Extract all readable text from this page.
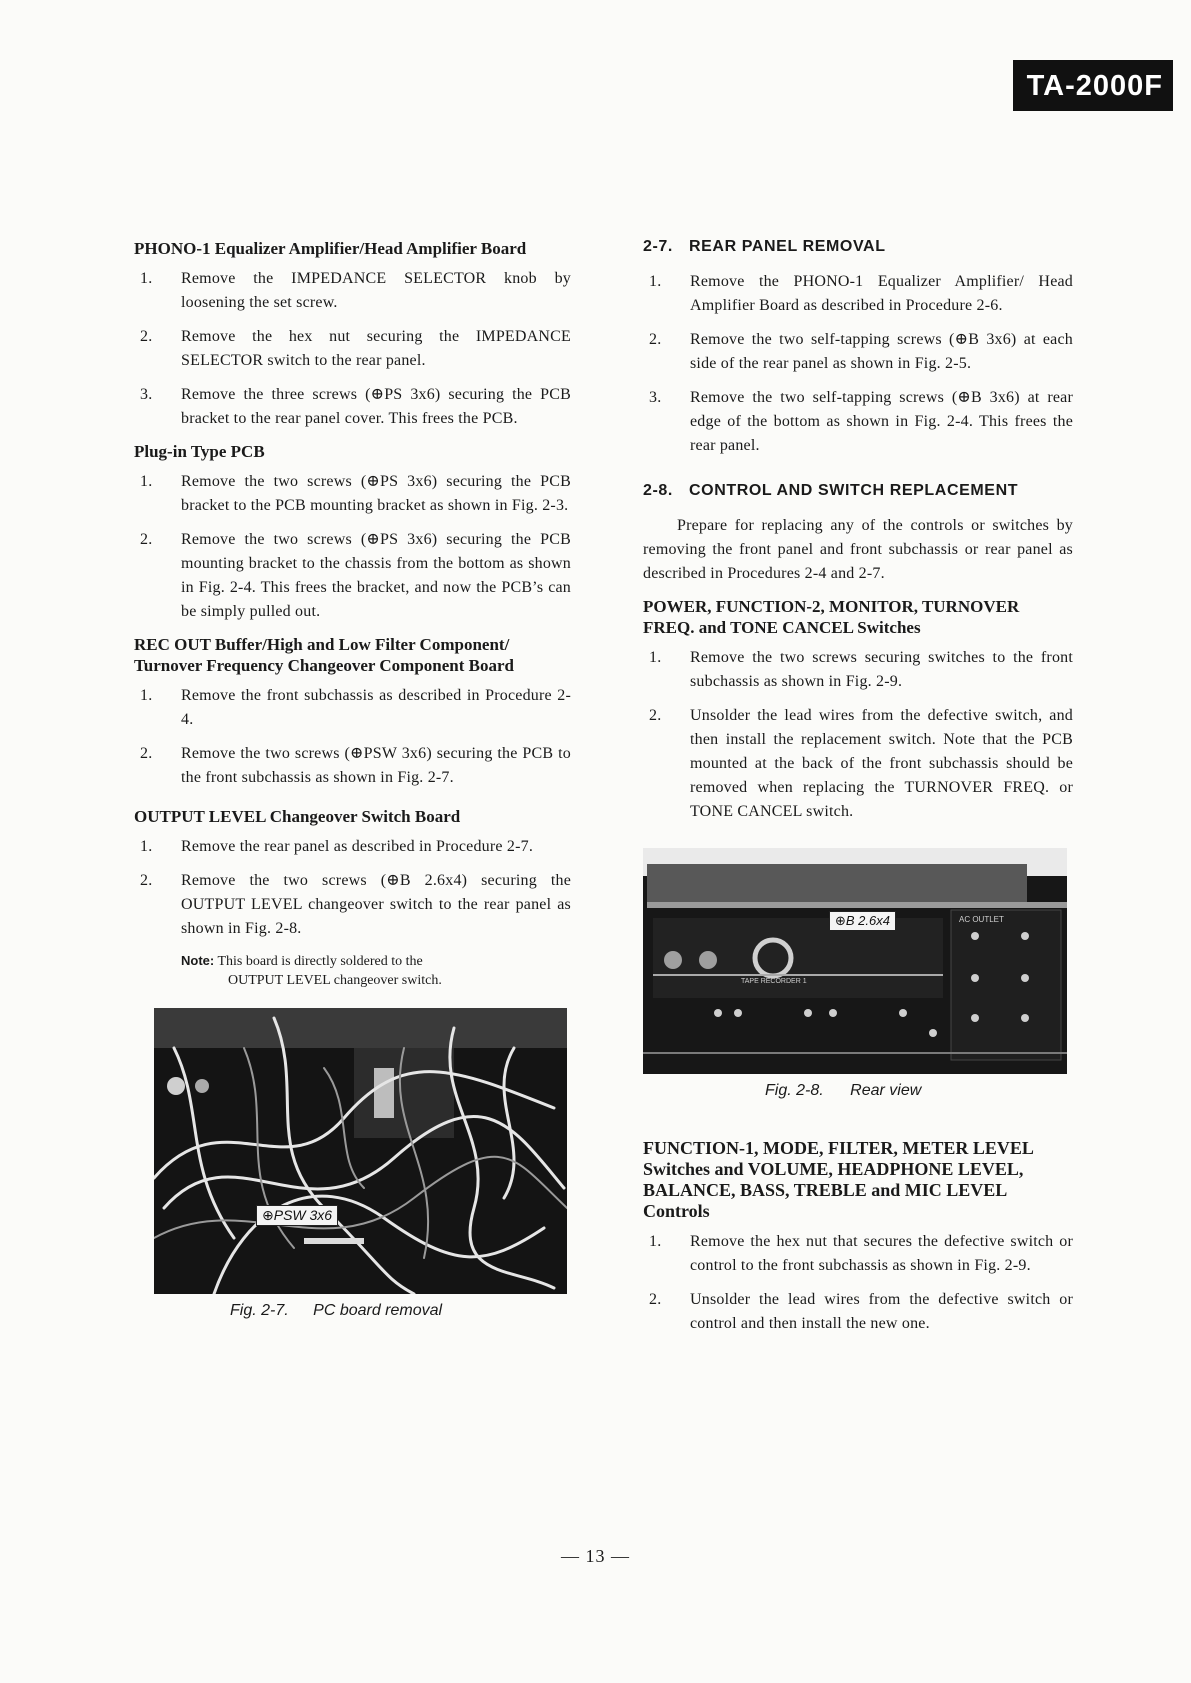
TA-2000F
PHONO-1 Equalizer Amplifier/Head Amplifier Board
1. Remove the IMPEDANCE SELECTOR knob by loosening the set screw.
2. Remove the hex nut securing the IMPEDANCE SELECTOR switch to the rear panel.
3. Remove the three screws (⊕PS 3x6) securing the PCB bracket to the rear panel cover. This frees the PCB.
Plug-in Type PCB
1. Remove the two screws (⊕PS 3x6) securing the PCB bracket to the PCB mounting bracket as shown in Fig. 2-3.
2. Remove the two screws (⊕PS 3x6) securing the PCB mounting bracket to the chassis from the bottom as shown in Fig. 2-4. This frees the bracket, and now the PCB’s can be simply pulled out.
REC OUT Buffer/High and Low Filter Component/ Turnover Frequency Changeover Component Board
1. Remove the front subchassis as described in Procedure 2-4.
2. Remove the two screws (⊕PSW 3x6) securing the PCB to the front subchassis as shown in Fig. 2-7.
OUTPUT LEVEL Changeover Switch Board
1. Remove the rear panel as described in Procedure 2-7.
2. Remove the two screws (⊕B 2.6x4) securing the OUTPUT LEVEL changeover switch to the rear panel as shown in Fig. 2-8.
Note: This board is directly soldered to the
OUTPUT LEVEL changeover switch.
⊕PSW 3x6
Fig. 2-7. PC board removal
2-7. REAR PANEL REMOVAL
1. Remove the PHONO-1 Equalizer Amplifier/ Head Amplifier Board as described in Procedure 2-6.
2. Remove the two self-tapping screws (⊕B 3x6) at each side of the rear panel as shown in Fig. 2-5.
3. Remove the two self-tapping screws (⊕B 3x6) at rear edge of the bottom as shown in Fig. 2-4. This frees the rear panel.
2-8. CONTROL AND SWITCH REPLACEMENT

Prepare for replacing any of the controls or switches by removing the front panel and front subchassis or rear panel as described in Procedures 2-4 and 2-7.

POWER, FUNCTION-2, MONITOR, TURNOVER FREQ. and TONE CANCEL Switches
1. Remove the two screws securing switches to the front subchassis as shown in Fig. 2-9.
2. Unsolder the lead wires from the defective switch, and then install the replacement switch. Note that the PCB mounted at the back of the front subchassis should be removed when replacing the TURNOVER FREQ. or TONE CANCEL switch.
⊕B 2.6x4	AC OUTLET
TAPE RECORDER 1
Fig. 2-8. Rear view
FUNCTION-1, MODE, FILTER, METER LEVEL Switches and VOLUME, HEADPHONE LEVEL, BALANCE, BASS, TREBLE and MIC LEVEL Controls
1. Remove the hex nut that secures the defective switch or control to the front subchassis as shown in Fig. 2-9.
2. Unsolder the lead wires from the defective switch or control and then install the new one.
— 13 —
